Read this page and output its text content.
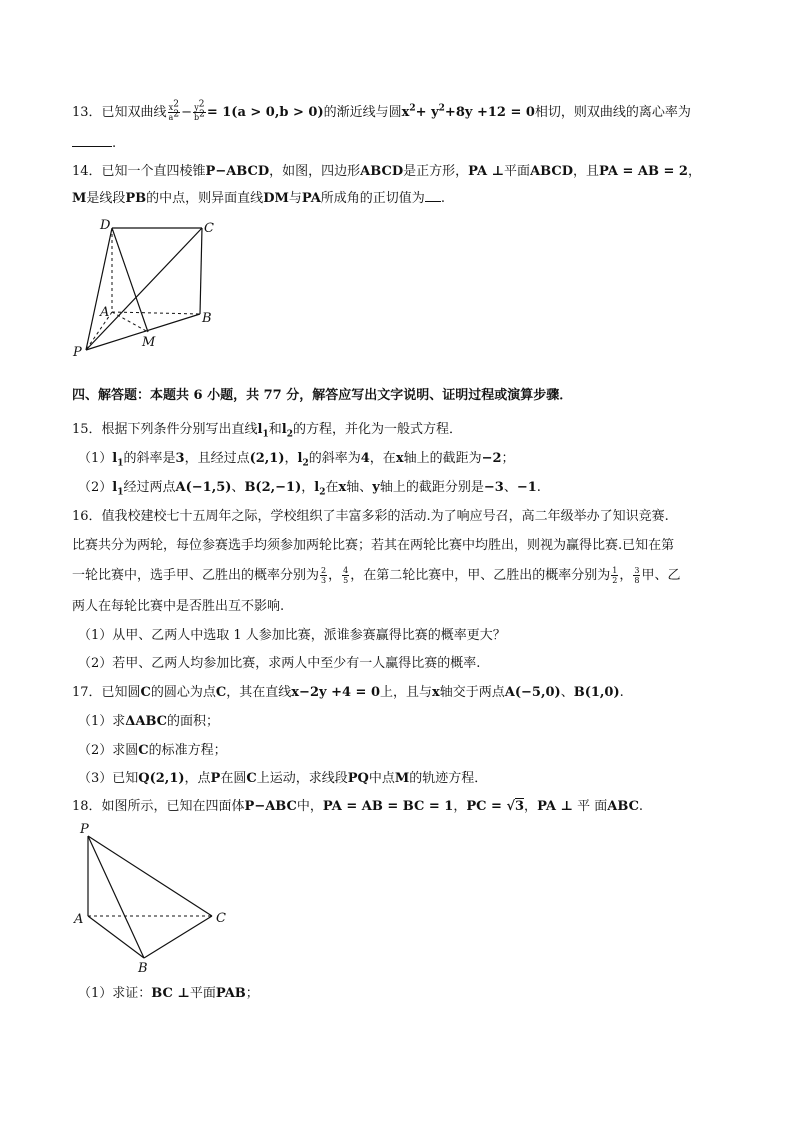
13．已知双曲线 $\frac{x^2}{a^2} - \frac{y^2}{b^2} = 1(a > 0,b > 0)$的渐近线与圆$x^2+ y^2+8y +12 = 0$相切，则双曲线的离心率为
.
14．已知一个直四棱锥P−ABCD，如图，四边形ABCD是正方形，PA ⊥平面ABCD，且PA = AB = 2，
M是线段PB的中点，则异面直线DM与PA所成角的正切值为 .
D	C
A	B
P
M
四、解答题：本题共 6 小题，共 77 分，解答应写出文字说明、证明过程或演算步骤．
15．根据下列条件分别写出直线$l_1$和$l_2$的方程，并化为一般式方程．
$(1)l_1$的斜率是3，且经过点(2,1)，$l_2$的斜率为4，在x轴上的截距为−2；
$(2)l_1$经过两点A(−1,5)、B(2,−1)，$l_2$在x轴、y轴上的截距分别是−3、−1.
16．值我校建校七十五周年之际，学校组织了丰富多彩的活动.为了响应号召，高二年级举办了知识竞赛.
比赛共分为两轮，每位参赛选手均须参加两轮比赛；若其在两轮比赛中均胜出，则视为赢得比赛.已知在第
一轮比赛中，选手甲、乙胜出的概率分别为 $\frac{2}{3}$ ， $\frac{4}{5}$ ，在第二轮比赛中，甲、乙胜出的概率分别为 $\frac{1}{2}$ ， $\frac{3}{8}$ 甲、乙
两人在每轮比赛中是否胜出互不影响.
（1）从甲、乙两人中选取 1 人参加比赛，派谁参赛赢得比赛的概率更大？
（2）若甲、乙两人均参加比赛，求两人中至少有一人赢得比赛的概率.
17．已知圆C的圆心为点C，其在直线x−2y +4 = 0上，且与x轴交于两点A(−5,0)、B(1,0).
（1）求ΔABC的面积；
（2）求圆C的标准方程；
（3）已知Q(2,1)，点P在圆C上运动，求线段PQ中点M的轨迹方程．
18．如图所示，已知在四面体P−ABC中，PA = AB = BC = 1，PC = √3，PA ⊥ 平 面ABC.
P
A
B
C
（1）求证：BC ⊥平面PAB；
